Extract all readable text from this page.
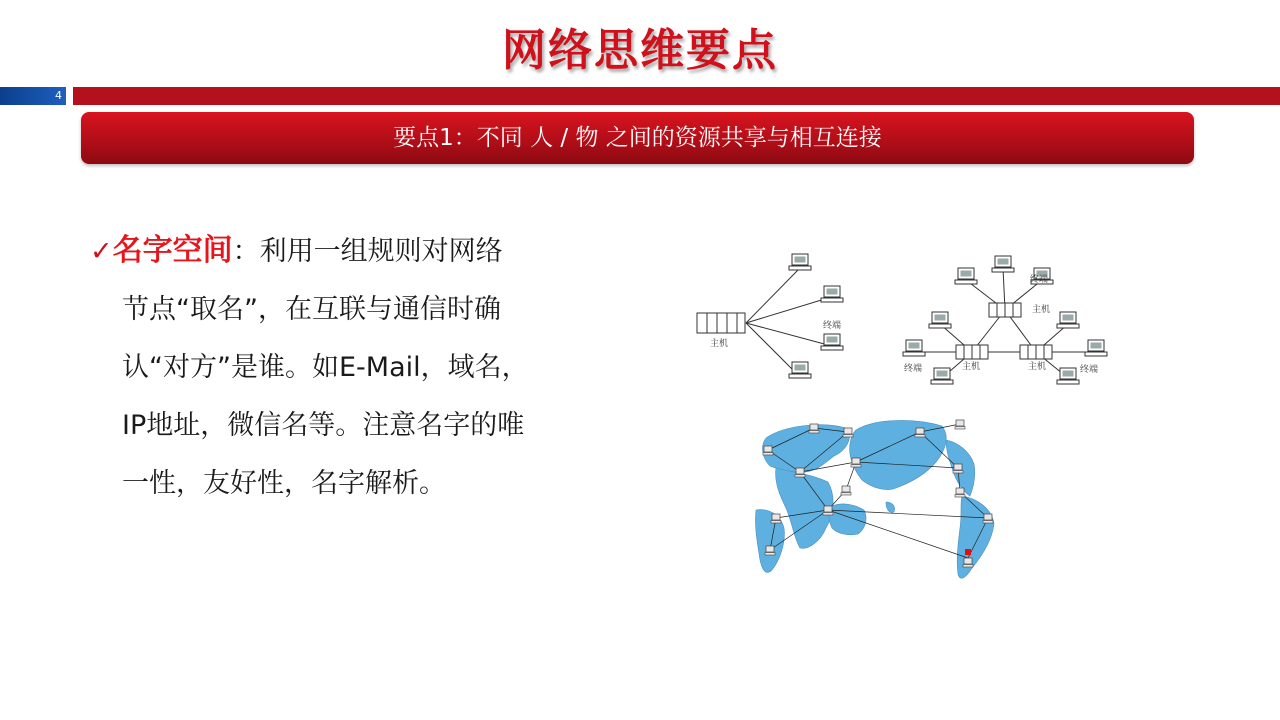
网络思维要点
4
要点1：不同 人 / 物 之间的资源共享与相互连接
✓名字空间：利用一组规则对网络
节点“取名”，在互联与通信时确
认“对方”是谁。如E-Mail，域名，
IP地址，微信名等。注意名字的唯
一性，友好性，名字解析。
主机
终端
终端
主机
主机	主机
终端	终端
